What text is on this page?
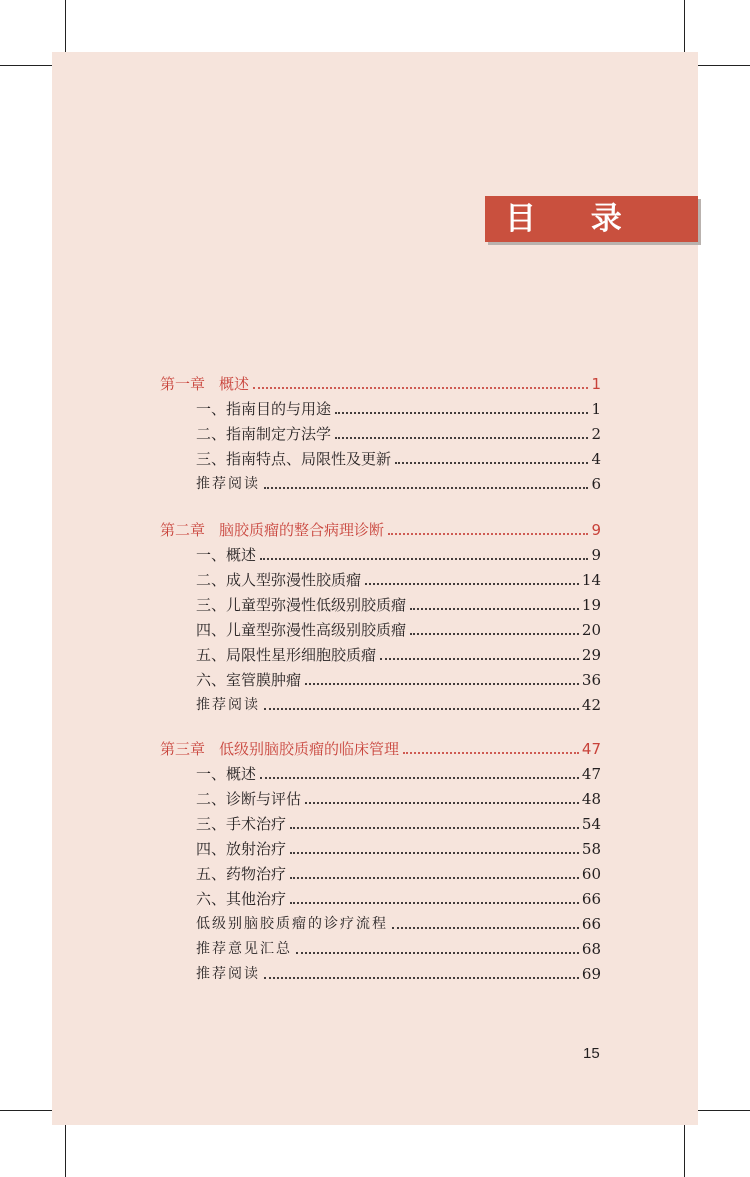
目 录
第一章 概述	1
一、指南目的与用途	1
二、指南制定方法学	2
三、指南特点、局限性及更新	4
推荐阅读	6
第二章 脑胶质瘤的整合病理诊断	9
一、概述	9
二、成人型弥漫性胶质瘤	14
三、儿童型弥漫性低级别胶质瘤	19
四、儿童型弥漫性高级别胶质瘤	20
五、局限性星形细胞胶质瘤	29
六、室管膜肿瘤	36
推荐阅读	42
第三章 低级别脑胶质瘤的临床管理	47
一、概述	47
二、诊断与评估	48
三、手术治疗	54
四、放射治疗	58
五、药物治疗	60
六、其他治疗	66
低级别脑胶质瘤的诊疗流程	66
推荐意见汇总	68
推荐阅读	69
15
